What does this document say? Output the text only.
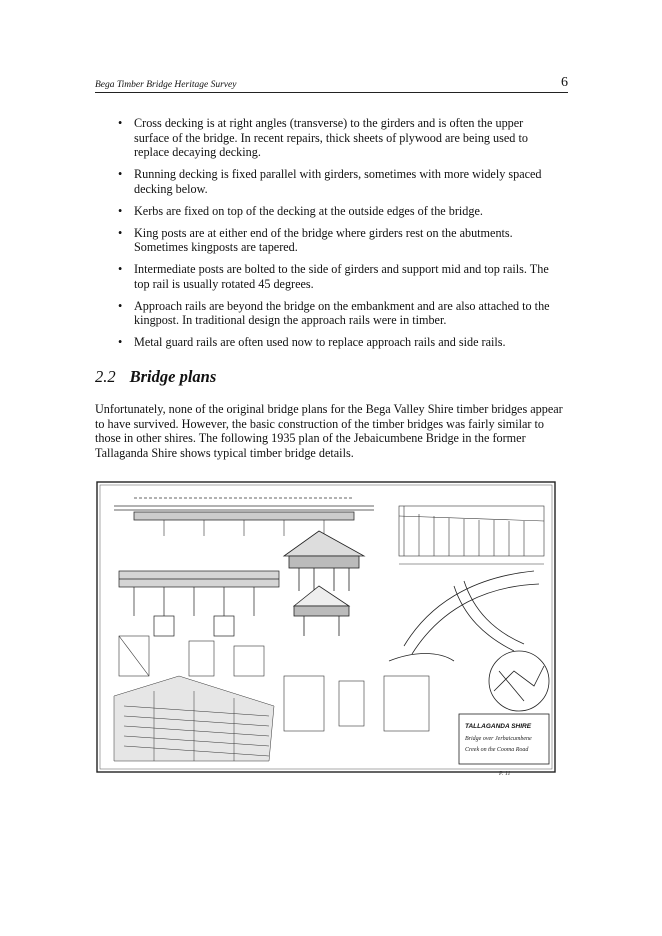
Bega Timber Bridge Heritage Survey	6
• Cross decking is at right angles (transverse) to the girders and is often the upper surface of the bridge. In recent repairs, thick sheets of plywood are being used to replace decaying decking.
• Running decking is fixed parallel with girders, sometimes with more widely spaced decking below.
• Kerbs are fixed on top of the decking at the outside edges of the bridge.
• King posts are at either end of the bridge where girders rest on the abutments. Sometimes kingposts are tapered.
• Intermediate posts are bolted to the side of girders and support mid and top rails. The top rail is usually rotated 45 degrees.
• Approach rails are beyond the bridge on the embankment and are also attached to the kingpost. In traditional design the approach rails were in timber.
• Metal guard rails are often used now to replace approach rails and side rails.
2.2 Bridge plans

Unfortunately, none of the original bridge plans for the Bega Valley Shire timber bridges appear to have survived. However, the basic construction of the timber bridges was fairly similar to those in other shires. The following 1935 plan of the Jebaicumbene Bridge in the former Tallaganda Shire shows typical timber bridge details.

TALLAGANDA SHIRE
Bridge over Jerbaicumbene
Creek on the Cooma Road
P. 11
